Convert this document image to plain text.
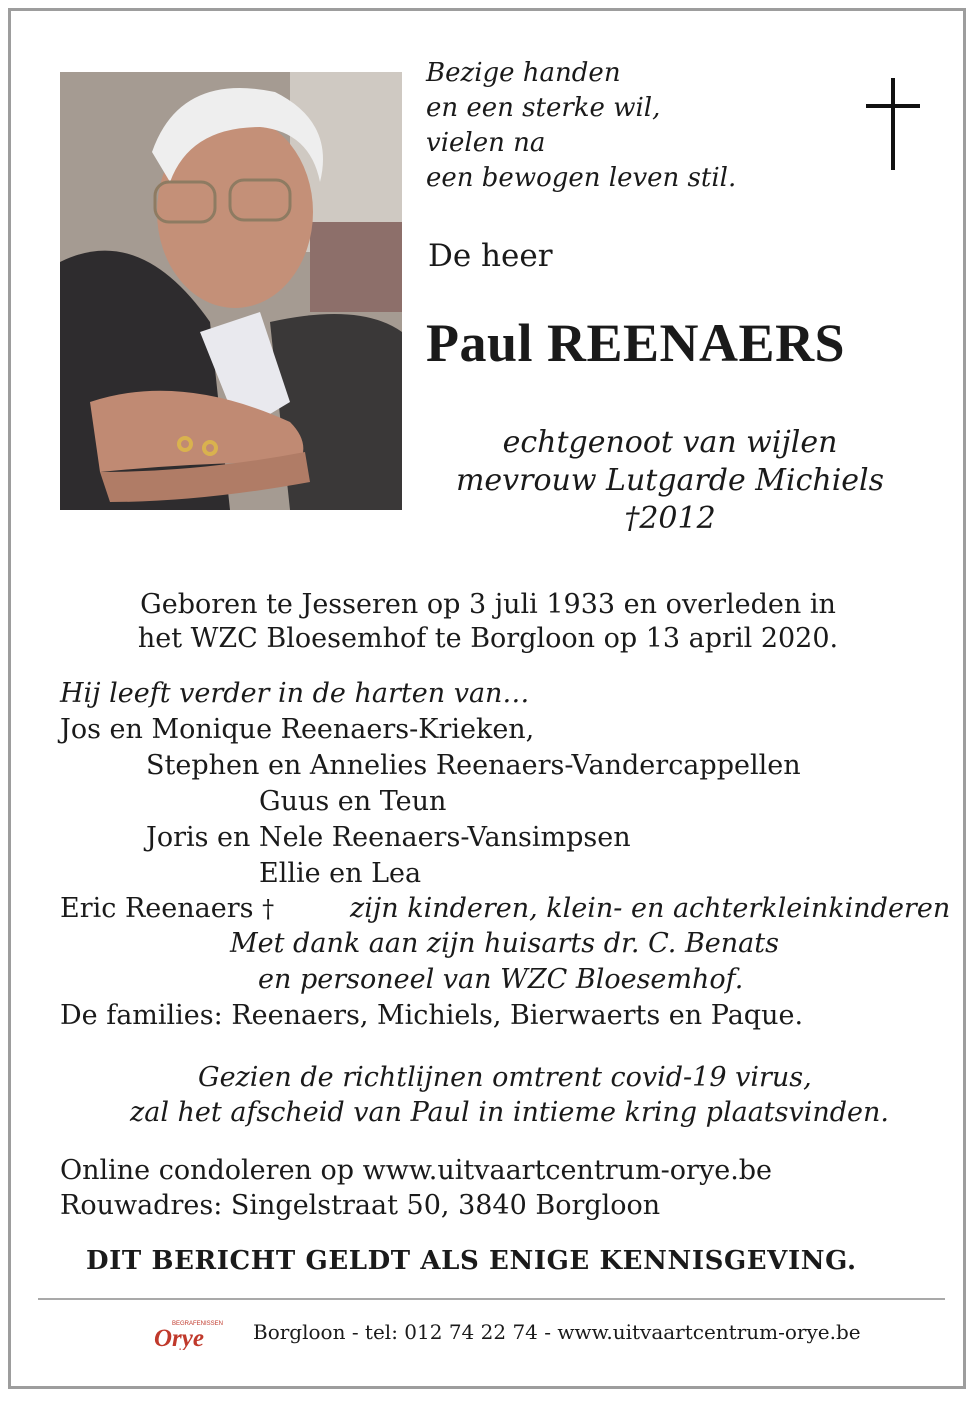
Bezige handen
en een sterke wil,
vielen na
een bewogen leven stil.
De heer
Paul REENAERS
echtgenoot van wijlen
mevrouw Lutgarde Michiels
†2012
Geboren te Jesseren op 3 juli 1933 en overleden in
het WZC Bloesemhof te Borgloon op 13 april 2020.
Hij leeft verder in de harten van…
Jos en Monique Reenaers-Krieken,
Stephen en Annelies Reenaers-Vandercappellen
Guus en Teun
Joris en Nele Reenaers-Vansimpsen
Ellie en Lea
Eric Reenaers †	zijn kinderen, klein- en achterkleinkinderen
Met dank aan zijn huisarts dr. C. Benats
en personeel van WZC Bloesemhof.
De families: Reenaers, Michiels, Bierwaerts en Paque.
Gezien de richtlijnen omtrent covid-19 virus,
zal het afscheid van Paul in intieme kring plaatsvinden.
Online condoleren op www.uitvaartcentrum-orye.be
Rouwadres: Singelstraat 50, 3840 Borgloon
DIT BERICHT GELDT ALS ENIGE KENNISGEVING.
BEGRAFENISSEN
Orye Borgloon - tel: 012 74 22 74 - www.uitvaartcentrum-orye.be
